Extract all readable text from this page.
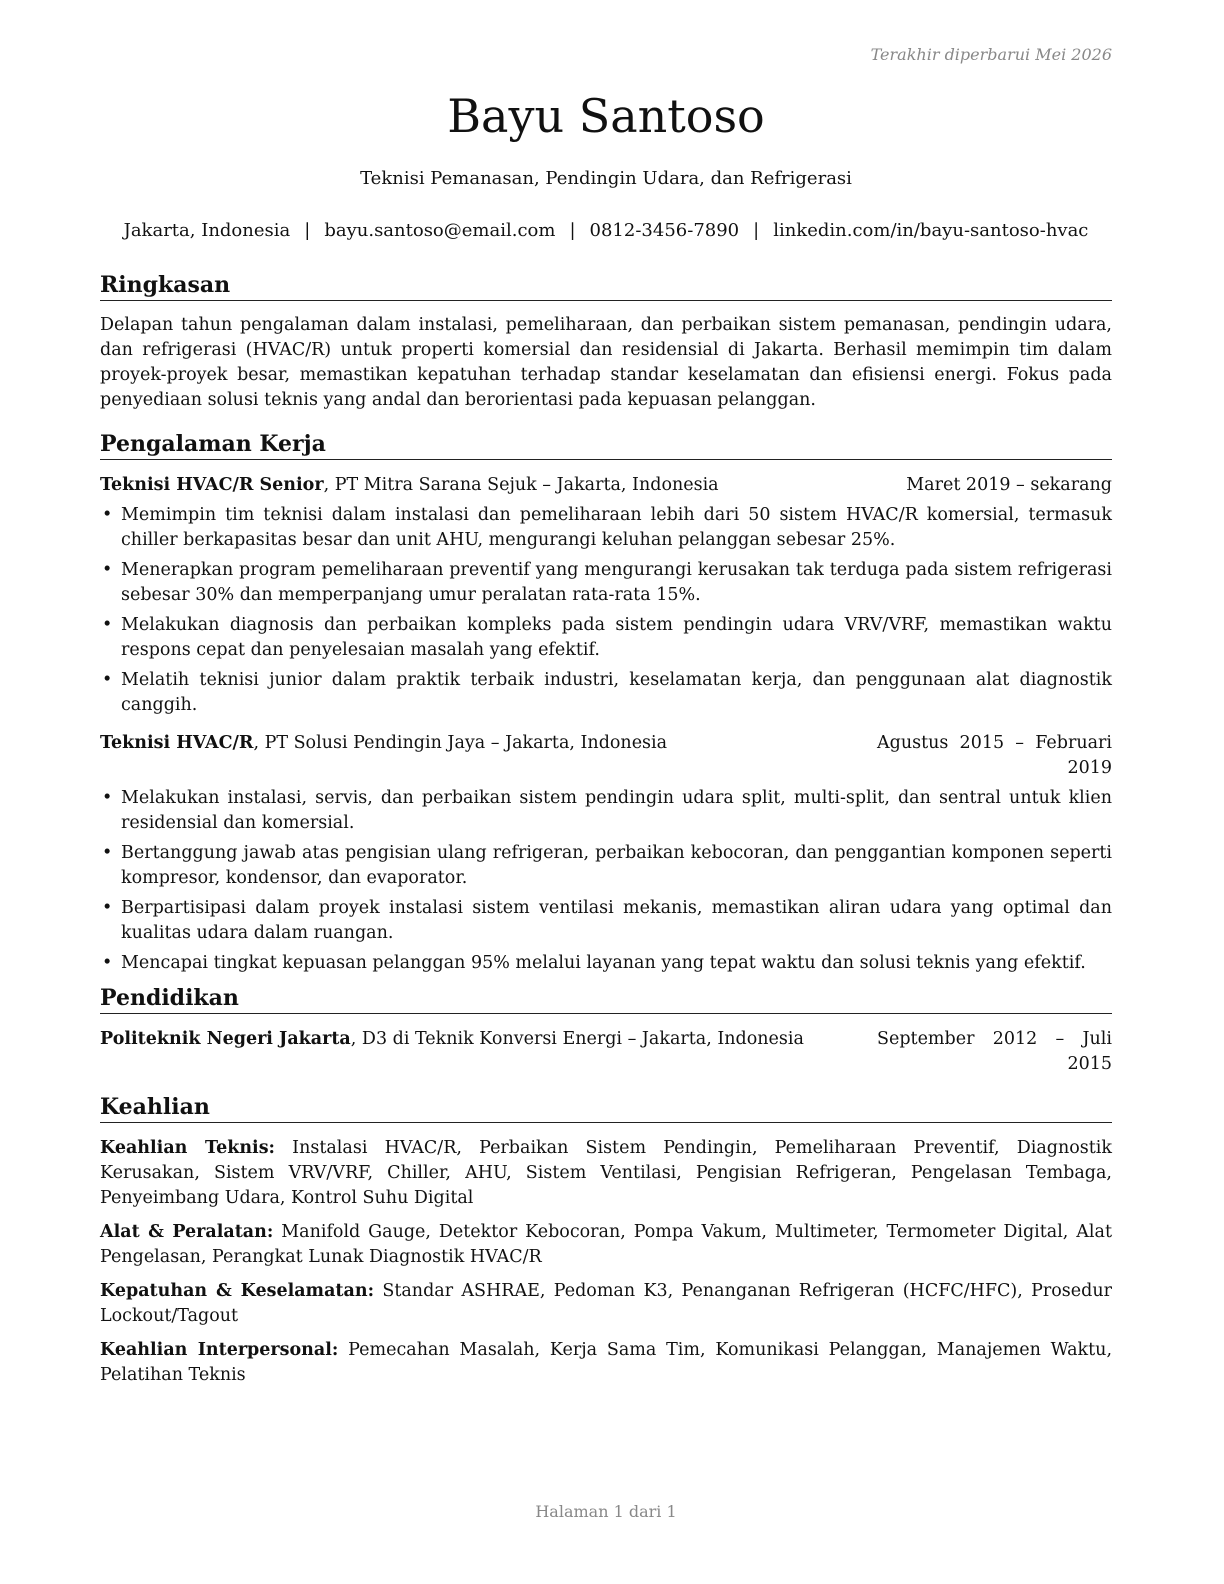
Terakhir diperbarui Mei 2026
Bayu Santoso
Teknisi Pemanasan, Pendingin Udara, dan Refrigerasi
Jakarta, Indonesia | bayu.santoso@email.com | 0812-3456-7890 | linkedin.com/in/bayu-santoso-hvac
Ringkasan

Delapan tahun pengalaman dalam instalasi, pemeliharaan, dan perbaikan sistem pemanasan, pendingin udara, dan refrigerasi (HVAC/R) untuk properti komersial dan residensial di Jakarta. Berhasil memimpin tim dalam proyek-proyek besar, memastikan kepatuhan terhadap standar keselamatan dan efisiensi energi. Fokus pada penyediaan solusi teknis yang andal dan berorientasi pada kepuasan pelanggan.

Pengalaman Kerja
Teknisi HVAC/R Senior, PT Mitra Sarana Sejuk – Jakarta, Indonesia	Maret 2019 – sekarang
• Memimpin tim teknisi dalam instalasi dan pemeliharaan lebih dari 50 sistem HVAC/R komersial, termasuk chiller berkapasitas besar dan unit AHU, mengurangi keluhan pelanggan sebesar 25%.
• Menerapkan program pemeliharaan preventif yang mengurangi kerusakan tak terduga pada sistem refrigerasi sebesar 30% dan memperpanjang umur peralatan rata-rata 15%.
• Melakukan diagnosis dan perbaikan kompleks pada sistem pendingin udara VRV/VRF, memastikan waktu respons cepat dan penyelesaian masalah yang efektif.
• Melatih teknisi junior dalam praktik terbaik industri, keselamatan kerja, dan penggunaan alat diagnostik canggih.
Teknisi HVAC/R, PT Solusi Pendingin Jaya – Jakarta, Indonesia	Agustus 2015 – Februari 2019
• Melakukan instalasi, servis, dan perbaikan sistem pendingin udara split, multi-split, dan sentral untuk klien residensial dan komersial.
• Bertanggung jawab atas pengisian ulang refrigeran, perbaikan kebocoran, dan penggantian komponen seperti kompresor, kondensor, dan evaporator.
• Berpartisipasi dalam proyek instalasi sistem ventilasi mekanis, memastikan aliran udara yang optimal dan kualitas udara dalam ruangan.
• Mencapai tingkat kepuasan pelanggan 95% melalui layanan yang tepat waktu dan solusi teknis yang efektif.
Pendidikan
Politeknik Negeri Jakarta, D3 di Teknik Konversi Energi – Jakarta, Indonesia	September 2012 – Juli 2015
Keahlian

Keahlian Teknis: Instalasi HVAC/R, Perbaikan Sistem Pendingin, Pemeliharaan Preventif, Diagnostik Kerusakan, Sistem VRV/VRF, Chiller, AHU, Sistem Ventilasi, Pengisian Refrigeran, Pengelasan Tembaga, Penyeimbang Udara, Kontrol Suhu Digital

Alat & Peralatan: Manifold Gauge, Detektor Kebocoran, Pompa Vakum, Multimeter, Termometer Digital, Alat Pengelasan, Perangkat Lunak Diagnostik HVAC/R

Kepatuhan & Keselamatan: Standar ASHRAE, Pedoman K3, Penanganan Refrigeran (HCFC/HFC), Prosedur Lockout/Tagout

Keahlian Interpersonal: Pemecahan Masalah, Kerja Sama Tim, Komunikasi Pelanggan, Manajemen Waktu, Pelatihan Teknis

Halaman 1 dari 1
